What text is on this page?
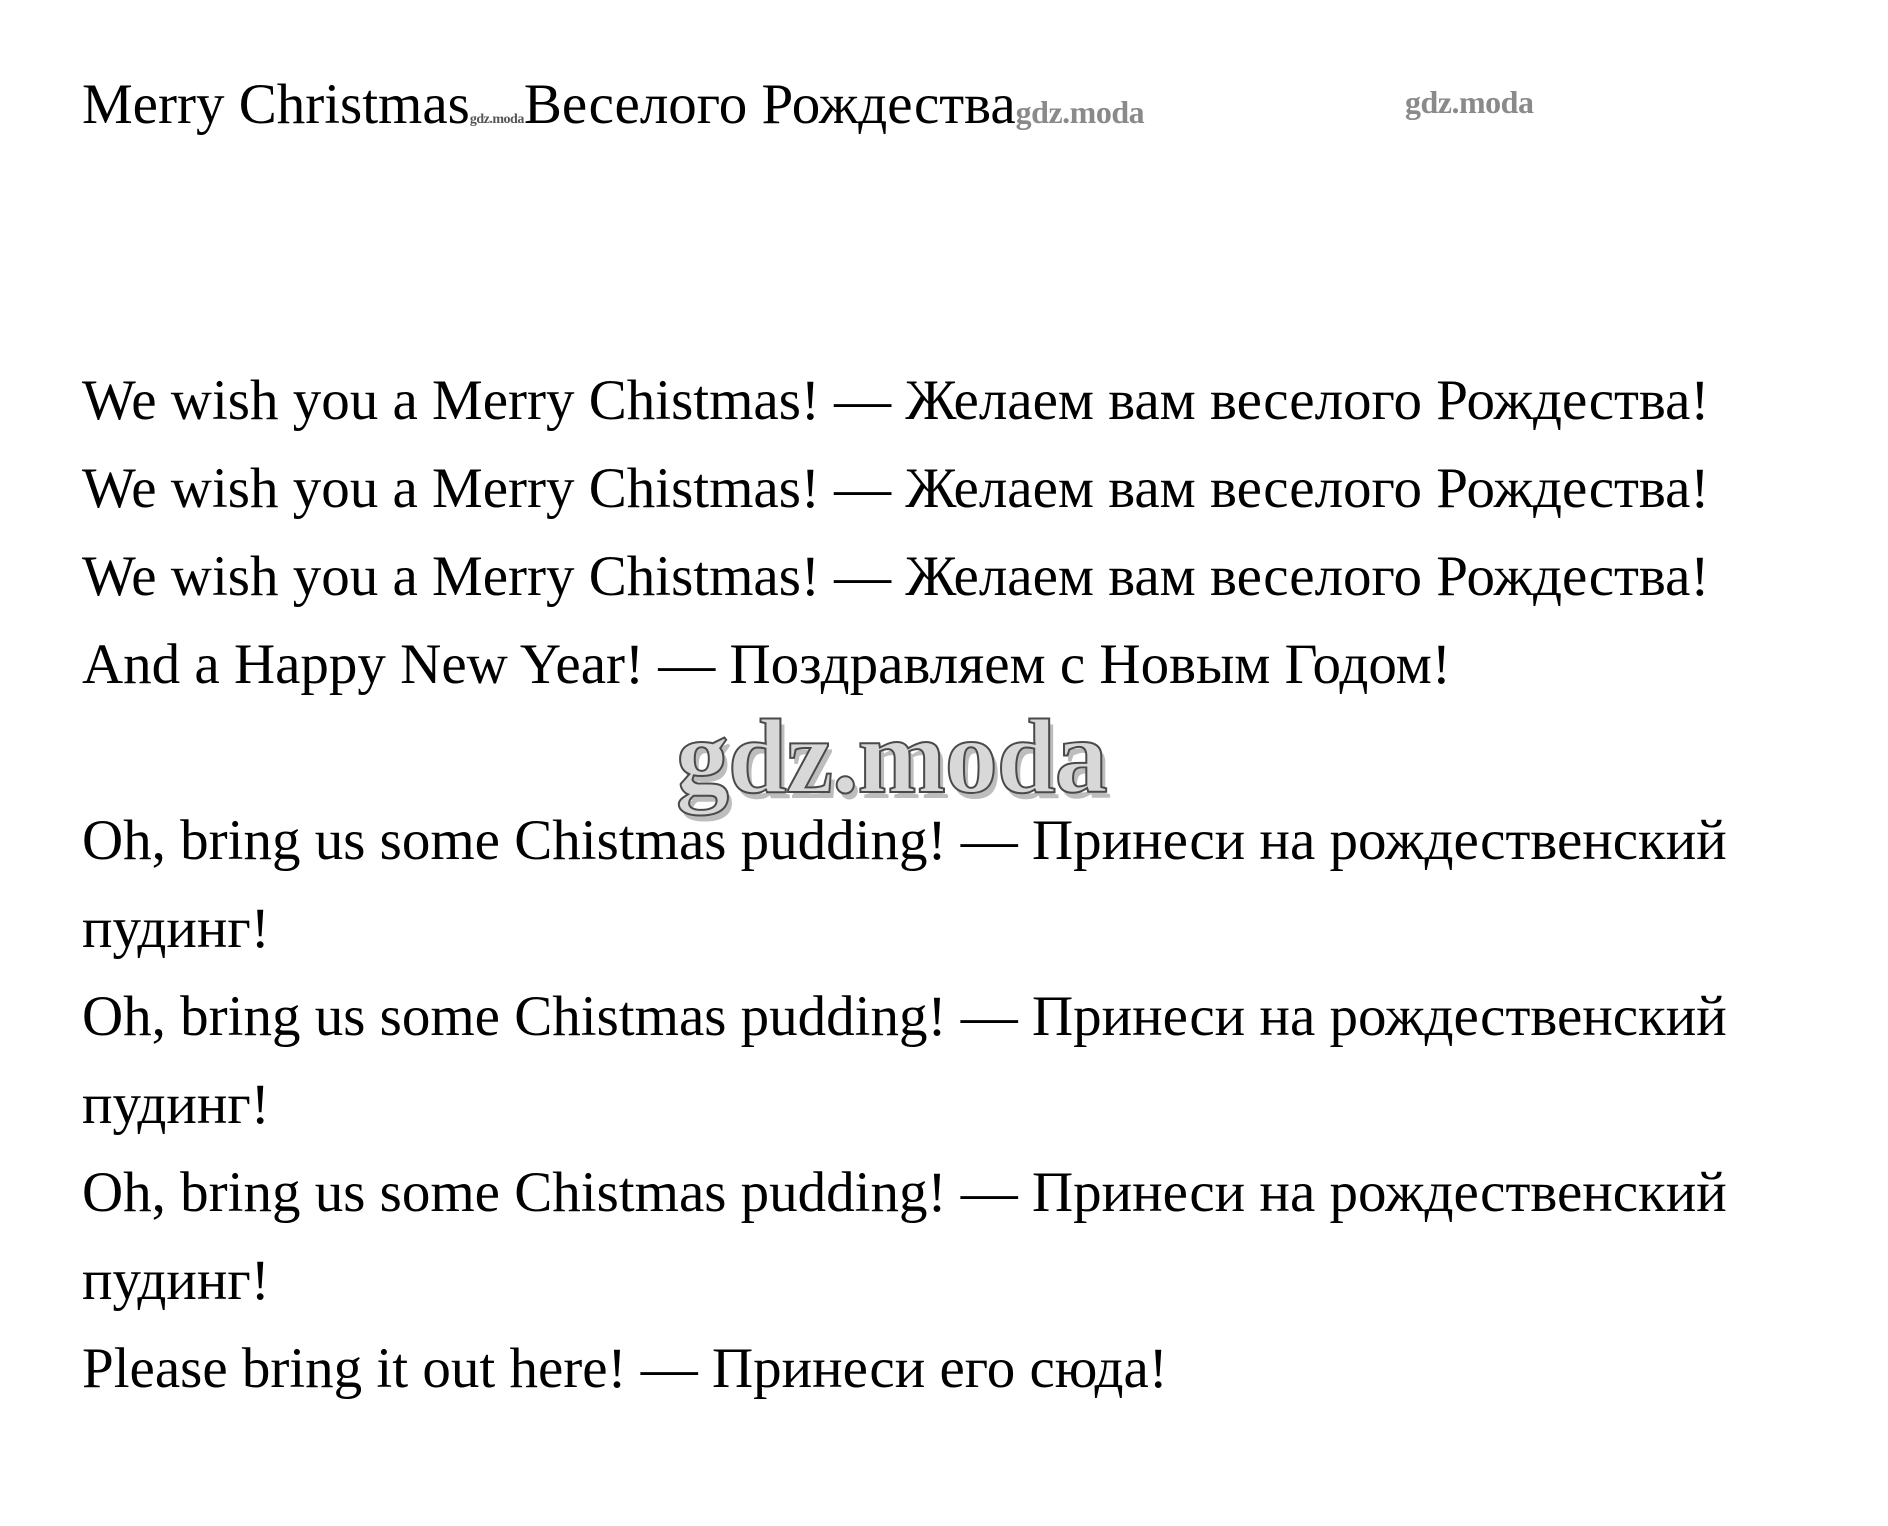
Merry Christmasgdz.modaВеселого Рождестваgdz.moda	gdz.moda
We wish you a Merry Chistmas! — Желаем вам веселого Рождества!
We wish you a Merry Chistmas! — Желаем вам веселого Рождества!
We wish you a Merry Chistmas! — Желаем вам веселого Рождества!
And a Happy New Year! — Поздравляем с Новым Годом!
gdz.moda
Oh, bring us some Chistmas pudding! — Принеси на рождественский
пудинг!
Oh, bring us some Chistmas pudding! — Принеси на рождественский
пудинг!
Oh, bring us some Chistmas pudding! — Принеси на рождественский
пудинг!
Please bring it out here! — Принеси его сюда!
